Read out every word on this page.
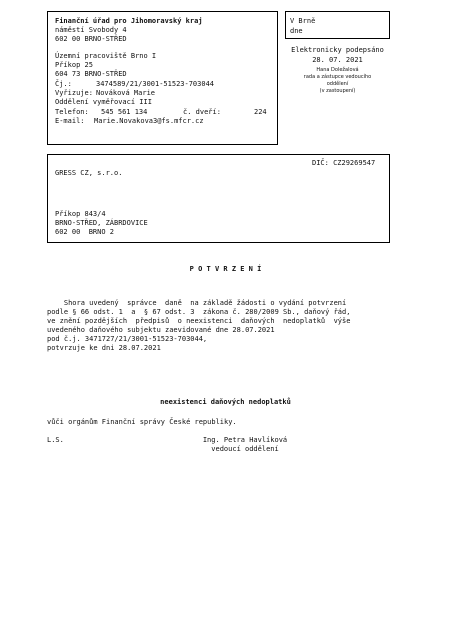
Finanční úřad pro Jihomoravský kraj
náměstí Svobody 4
602 00 BRNO-STŘED
Územní pracoviště Brno I
Příkop 25
604 73 BRNO-STŘED
Čj.:	3474589/21/3001-51523-703044
Vyřizuje: Nováková Marie
Oddělení vyměřovací III
Telefon: 545 561 134	č. dveří:	224
E-mail: Marie.Novakova3@fs.mfcr.cz
V Brně
dne
Elektronicky podepsáno
28. 07. 2021
Hana Doležalová
rada a zástupce vedoucího
oddělení
(v zastoupení)
DIČ: CZ29269547
GRESS CZ, s.r.o.
Příkop 843/4
BRNO-STŘED, ZÁBRDOVICE
602 00  BRNO 2
P O T V R Z E N Í
Shora uvedený  správce  daně  na základě žádosti o vydání potvrzení
podle § 66 odst. 1  a  § 67 odst. 3  zákona č. 280/2009 Sb., daňový řád,
ve znění pozdějších  předpisů  o neexistenci  daňových  nedoplatků  výše
uvedeného daňového subjektu zaevidované dne 28.07.2021
pod č.j. 3471727/21/3001-51523-703044,
potvrzuje ke dni 28.07.2021
neexistenci daňových nedoplatků
vůči orgánům Finanční správy České republiky.
L.S.	Ing. Petra Havlíková
vedoucí oddělení
